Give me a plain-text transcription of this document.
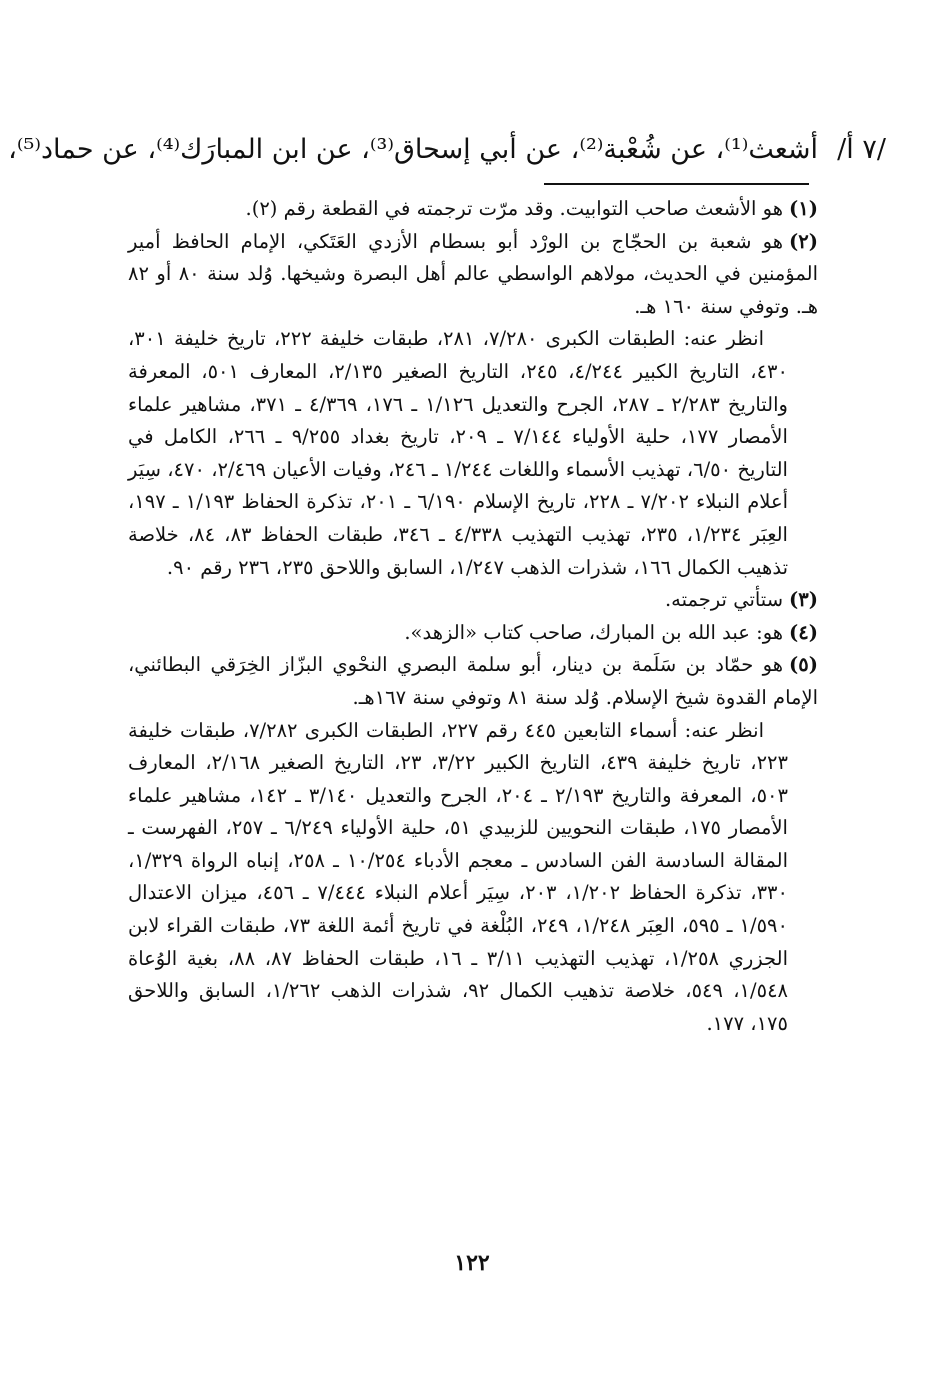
/٧ أ/
أشعث⁽¹⁾، عن شُعْبة⁽²⁾، عن أبي إسحاق⁽³⁾، عن ابن المبارَك⁽⁴⁾، عن حماد⁽⁵⁾،

(١)هو الأشعث صاحب التوابيت. وقد مرّت ترجمته في القطعة رقم (٢).

(٢)هو شعبة بن الحجّاج بن الورْد أبو بسطام الأزدي العَتَكي، الإمام الحافظ أمير المؤمنين في الحديث، مولاهم الواسطي عالم أهل البصرة وشيخها. وُلد سنة ٨٠ أو ٨٢ هـ. وتوفي سنة ١٦٠ هـ.

انظر عنه: الطبقات الكبرى ٧/٢٨٠، ٢٨١، طبقات خليفة ٢٢٢، تاريخ خليفة ٣٠١، ٤٣٠، التاريخ الكبير ٤/٢٤٤، ٢٤٥، التاريخ الصغير ٢/١٣٥، المعارف ٥٠١، المعرفة والتاريخ ٢/٢٨٣ ـ ٢٨٧، الجرح والتعديل ١/١٢٦ ـ ١٧٦، ٤/٣٦٩ ـ ٣٧١، مشاهير علماء الأمصار ١٧٧، حلية الأولياء ٧/١٤٤ ـ ٢٠٩، تاريخ بغداد ٩/٢٥٥ ـ ٢٦٦، الكامل في التاريخ ٦/٥٠، تهذيب الأسماء واللغات ١/٢٤٤ ـ ٢٤٦، وفيات الأعيان ٢/٤٦٩، ٤٧٠، سِيَر أعلام النبلاء ٧/٢٠٢ ـ ٢٢٨، تاريخ الإسلام ٦/١٩٠ ـ ٢٠١، تذكرة الحفاظ ١/١٩٣ ـ ١٩٧، العِبَر ١/٢٣٤، ٢٣٥، تهذيب التهذيب ٤/٣٣٨ ـ ٣٤٦، طبقات الحفاظ ٨٣، ٨٤، خلاصة تذهيب الكمال ١٦٦، شذرات الذهب ١/٢٤٧، السابق واللاحق ٢٣٥، ٢٣٦ رقم ٩٠.

(٣)ستأتي ترجمته.

(٤)هو: عبد الله بن المبارك، صاحب كتاب «الزهد».

(٥)هو حمّاد بن سَلَمة بن دينار، أبو سلمة البصري النحْوي البزّاز الخِرَقي البطائني، الإمام القدوة شيخ الإسلام. وُلد سنة ٨١ وتوفي سنة ١٦٧هـ.

انظر عنه: أسماء التابعين ٤٤٥ رقم ٢٢٧، الطبقات الكبرى ٧/٢٨٢، طبقات خليفة ٢٢٣، تاريخ خليفة ٤٣٩، التاريخ الكبير ٣/٢٢، ٢٣، التاريخ الصغير ٢/١٦٨، المعارف ٥٠٣، المعرفة والتاريخ ٢/١٩٣ ـ ٢٠٤، الجرح والتعديل ٣/١٤٠ ـ ١٤٢، مشاهير علماء الأمصار ١٧٥، طبقات النحويين للزبيدي ٥١، حلية الأولياء ٦/٢٤٩ ـ ٢٥٧، الفهرست ـ المقالة السادسة الفن السادس ـ معجم الأدباء ١٠/٢٥٤ ـ ٢٥٨، إنباه الرواة ١/٣٢٩، ٣٣٠، تذكرة الحفاظ ١/٢٠٢، ٢٠٣، سِيَر أعلام النبلاء ٧/٤٤٤ ـ ٤٥٦، ميزان الاعتدال ١/٥٩٠ ـ ٥٩٥، العِبَر ١/٢٤٨، ٢٤٩، البُلْغة في تاريخ أئمة اللغة ٧٣، طبقات القراء لابن الجزري ١/٢٥٨، تهذيب التهذيب ٣/١١ ـ ١٦، طبقات الحفاظ ٨٧، ٨٨، بغية الوُعاة ١/٥٤٨، ٥٤٩، خلاصة تذهيب الكمال ٩٢، شذرات الذهب ١/٢٦٢، السابق واللاحق ١٧٥، ١٧٧.
١٢٢
